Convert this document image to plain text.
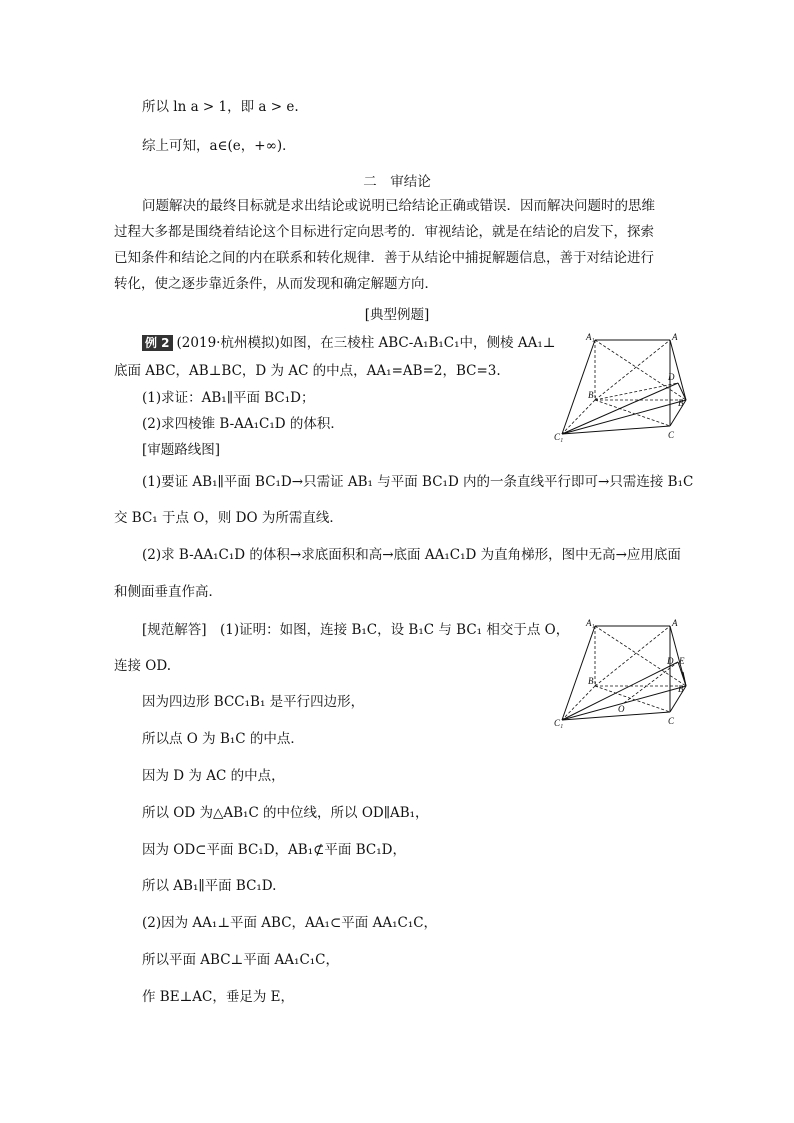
所以 ln a > 1，即 a > e.
综上可知，a∈(e，+∞)．
二　审结论
问题解决的最终目标就是求出结论或说明已给结论正确或错误．因而解决问题时的思维
过程大多都是围绕着结论这个目标进行定向思考的．审视结论，就是在结论的启发下，探索
已知条件和结论之间的内在联系和转化规律．善于从结论中捕捉解题信息，善于对结论进行
转化，使之逐步靠近条件，从而发现和确定解题方向．
[典型例题]
例 2 (2019·杭州模拟)如图，在三棱柱 ABC-A₁B₁C₁中，侧棱 AA₁⊥
底面 ABC，AB⊥BC，D 为 AC 的中点，AA₁=AB=2，BC=3.
(1)求证：AB₁∥平面 BC₁D；
(2)求四棱锥 B-AA₁C₁D 的体积．
[审题路线图]
(1)要证 AB₁∥平面 BC₁D→只需证 AB₁ 与平面 BC₁D 内的一条直线平行即可→只需连接 B₁C
交 BC₁ 于点 O，则 DO 为所需直线．
(2)求 B-AA₁C₁D 的体积→求底面积和高→底面 AA₁C₁D 为直角梯形，图中无高→应用底面
和侧面垂直作高．
[规范解答]　(1)证明：如图，连接 B₁C，设 B₁C 与 BC₁ 相交于点 O，
连接 OD.
因为四边形 BCC₁B₁ 是平行四边形，
所以点 O 为 B₁C 的中点．
因为 D 为 AC 的中点，
所以 OD 为△AB₁C 的中位线，所以 OD∥AB₁，
因为 OD⊂平面 BC₁D，AB₁⊄平面 BC₁D，
所以 AB₁∥平面 BC₁D.
(2)因为 AA₁⊥平面 ABC，AA₁⊂平面 AA₁C₁C，
所以平面 ABC⊥平面 AA₁C₁C，
作 BE⊥AC，垂足为 E，
A₁	A
D
B₁
B
C₁	C
A₁	A
D E
B₁
B
O
C₁	C
